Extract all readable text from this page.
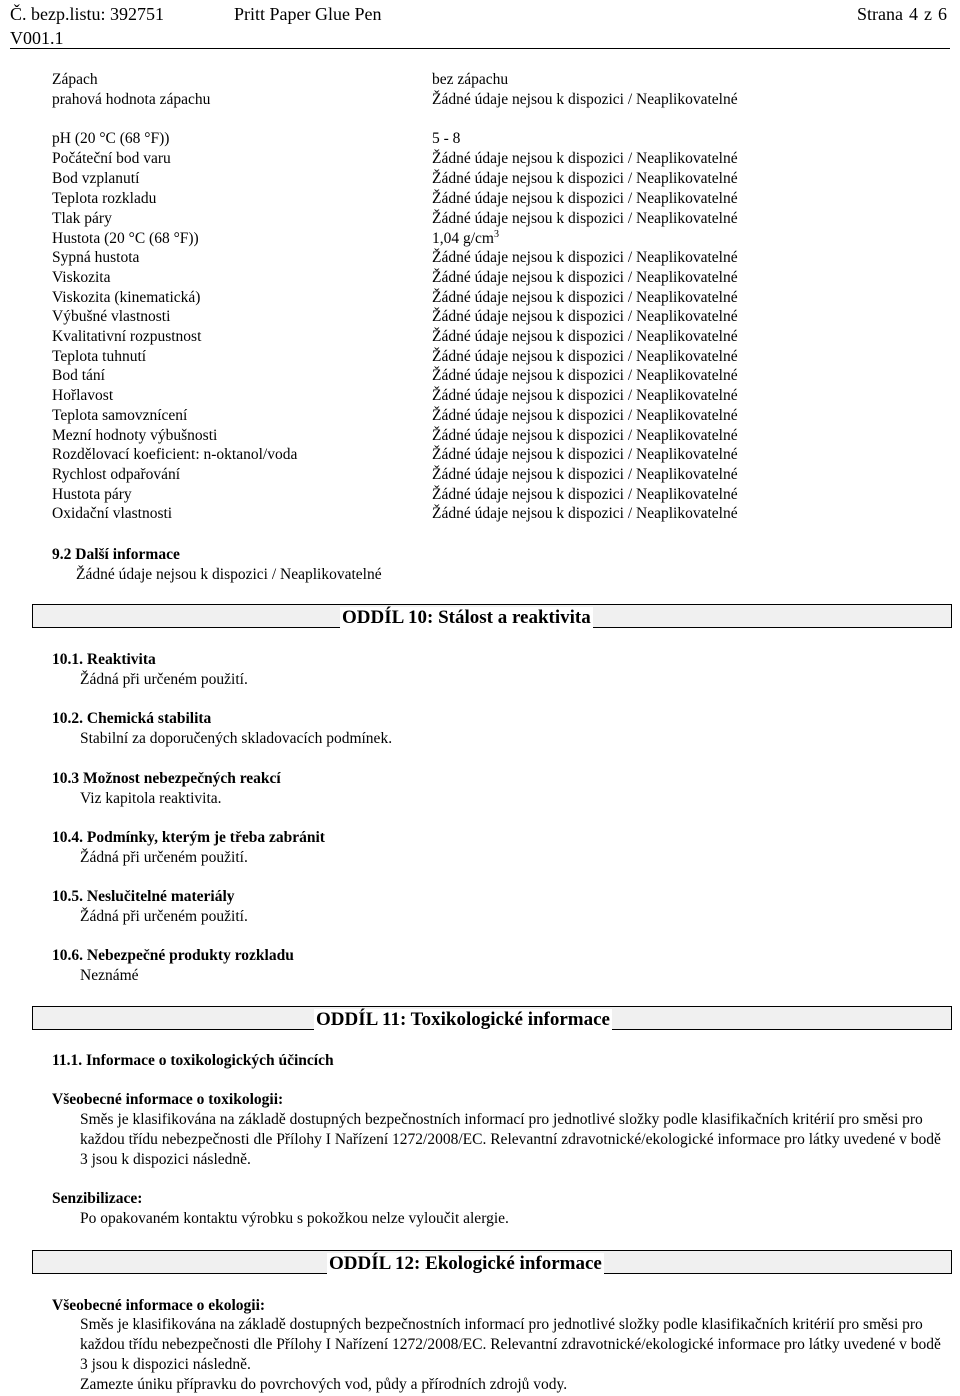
Č. bezp.listu: 392751
V001.1
Pritt Paper Glue Pen	Strana 4 z 6
Zápach	bez zápachu
prahová hodnota zápachu	Žádné údaje nejsou k dispozici / Neaplikovatelné
pH (20 °C (68 °F))	5 - 8
Počáteční bod varu	Žádné údaje nejsou k dispozici / Neaplikovatelné
Bod vzplanutí	Žádné údaje nejsou k dispozici / Neaplikovatelné
Teplota rozkladu	Žádné údaje nejsou k dispozici / Neaplikovatelné
Tlak páry	Žádné údaje nejsou k dispozici / Neaplikovatelné
Hustota (20 °C (68 °F))	1,04 $g/cm^3$
Sypná hustota	Žádné údaje nejsou k dispozici / Neaplikovatelné
Viskozita	Žádné údaje nejsou k dispozici / Neaplikovatelné
Viskozita (kinematická)	Žádné údaje nejsou k dispozici / Neaplikovatelné
Výbušné vlastnosti	Žádné údaje nejsou k dispozici / Neaplikovatelné
Kvalitativní rozpustnost	Žádné údaje nejsou k dispozici / Neaplikovatelné
Teplota tuhnutí	Žádné údaje nejsou k dispozici / Neaplikovatelné
Bod tání	Žádné údaje nejsou k dispozici / Neaplikovatelné
Hořlavost	Žádné údaje nejsou k dispozici / Neaplikovatelné
Teplota samovznícení	Žádné údaje nejsou k dispozici / Neaplikovatelné
Mezní hodnoty výbušnosti	Žádné údaje nejsou k dispozici / Neaplikovatelné
Rozdělovací koeficient: n-oktanol/voda	Žádné údaje nejsou k dispozici / Neaplikovatelné
Rychlost odpařování	Žádné údaje nejsou k dispozici / Neaplikovatelné
Hustota páry	Žádné údaje nejsou k dispozici / Neaplikovatelné
Oxidační vlastnosti	Žádné údaje nejsou k dispozici / Neaplikovatelné
9.2 Další informace
Žádné údaje nejsou k dispozici / Neaplikovatelné
ODDÍL 10: Stálost a reaktivita
10.1. Reaktivita
Žádná při určeném použití.
10.2. Chemická stabilita
Stabilní za doporučených skladovacích podmínek.
10.3 Možnost nebezpečných reakcí
Viz kapitola reaktivita.
10.4. Podmínky, kterým je třeba zabránit
Žádná při určeném použití.
10.5. Neslučitelné materiály
Žádná při určeném použití.
10.6. Nebezpečné produkty rozkladu
Neznámé
ODDÍL 11: Toxikologické informace
11.1. Informace o toxikologických účincích
Všeobecné informace o toxikologii:
Směs je klasifikována na základě dostupných bezpečnostních informací pro jednotlivé složky podle klasifikačních kritérií pro směsi pro každou třídu nebezpečnosti dle Přílohy I Nařízení 1272/2008/EC. Relevantní zdravotnické/ekologické informace pro látky uvedené v bodě 3 jsou k dispozici následně.
Senzibilizace:
Po opakovaném kontaktu výrobku s pokožkou nelze vyloučit alergie.
ODDÍL 12: Ekologické informace
Všeobecné informace o ekologii:
Směs je klasifikována na základě dostupných bezpečnostních informací pro jednotlivé složky podle klasifikačních kritérií pro směsi pro každou třídu nebezpečnosti dle Přílohy I Nařízení 1272/2008/EC. Relevantní zdravotnické/ekologické informace pro látky uvedené v bodě 3 jsou k dispozici následně.
Zamezte úniku přípravku do povrchových vod, půdy a přírodních zdrojů vody.
